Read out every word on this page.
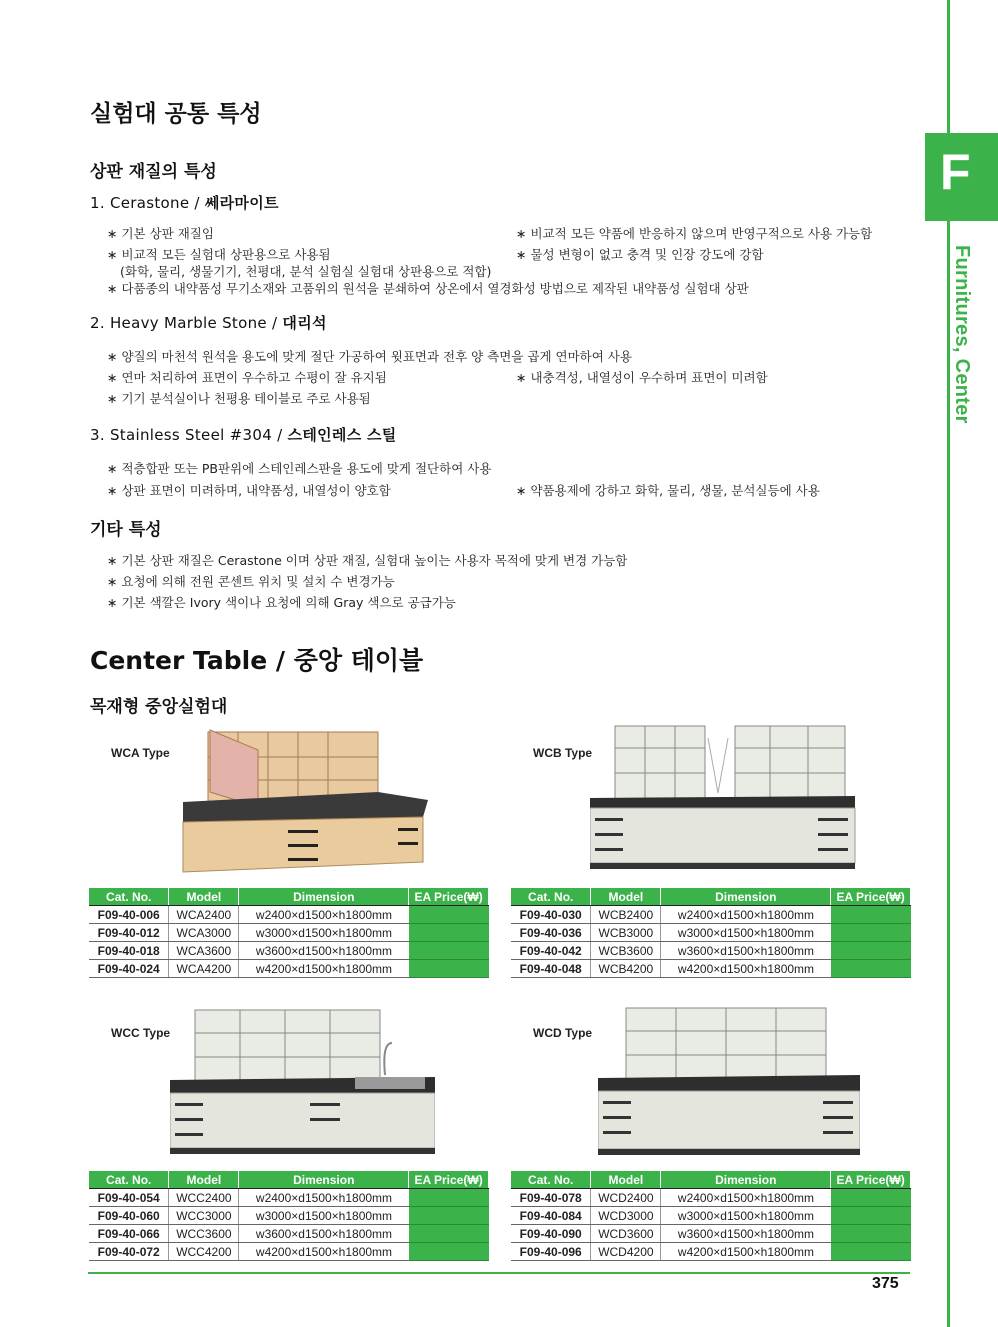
F
Furnitures, Center
실험대 공통 특성
상판 재질의 특성
1. Cerastone / 쎄라마이트
∗ 기본 상판 재질임	∗ 비교적 모든 약품에 반응하지 않으며 반영구적으로 사용 가능함
∗ 비교적 모든 실험대 상판용으로 사용됨	∗ 물성 변형이 없고 충격 및 인장 강도에 강함
(화학, 물리, 생물기기, 천평대, 분석 실험실 실험대 상판용으로 적합)
∗ 다품종의 내약품성 무기소재와 고품위의 원석을 분쇄하여 상온에서 열경화성 방법으로 제작된 내약품성 실험대 상판
2. Heavy Marble Stone / 대리석
∗ 양질의 마천석 원석을 용도에 맞게 절단 가공하여 윗표면과 전후 양 측면을 곱게 연마하여 사용
∗ 연마 처리하여 표면이 우수하고 수평이 잘 유지됨	∗ 내충격성, 내열성이 우수하며 표면이 미려함
∗ 기기 분석실이나 천평용 테이블로 주로 사용됨
3. Stainless Steel #304 / 스테인레스 스틸
∗ 적층합판 또는 PB판위에 스테인레스판을 용도에 맞게 절단하여 사용
∗ 상판 표면이 미려하며, 내약품성, 내열성이 양호함	∗ 약품용제에 강하고 화학, 물리, 생물, 분석실등에 사용
기타 특성
∗ 기본 상판 재질은 Cerastone 이며 상판 재질, 실험대 높이는 사용자 목적에 맞게 변경 가능함
∗ 요청에 의해 전원 콘센트 위치 및 설치 수 변경가능
∗ 기본 색깔은 Ivory 색이나 요청에 의해 Gray 색으로 공급가능
Center Table / 중앙 테이블
목재형 중앙실험대
WCA Type
Cat. No.	Model	Dimension	EA Price(₩)
F09-40-006	WCA2400	w2400×d1500×h1800mm	
F09-40-012	WCA3000	w3000×d1500×h1800mm	
F09-40-018	WCA3600	w3600×d1500×h1800mm	
F09-40-024	WCA4200	w4200×d1500×h1800mm	
WCB Type
Cat. No.	Model	Dimension	EA Price(₩)
F09-40-030	WCB2400	w2400×d1500×h1800mm	
F09-40-036	WCB3000	w3000×d1500×h1800mm	
F09-40-042	WCB3600	w3600×d1500×h1800mm	
F09-40-048	WCB4200	w4200×d1500×h1800mm	
WCC Type
Cat. No.	Model	Dimension	EA Price(₩)
F09-40-054	WCC2400	w2400×d1500×h1800mm	
F09-40-060	WCC3000	w3000×d1500×h1800mm	
F09-40-066	WCC3600	w3600×d1500×h1800mm	
F09-40-072	WCC4200	w4200×d1500×h1800mm	
WCD Type
Cat. No.	Model	Dimension	EA Price(₩)
F09-40-078	WCD2400	w2400×d1500×h1800mm	
F09-40-084	WCD3000	w3000×d1500×h1800mm	
F09-40-090	WCD3600	w3600×d1500×h1800mm	
F09-40-096	WCD4200	w4200×d1500×h1800mm	
375
